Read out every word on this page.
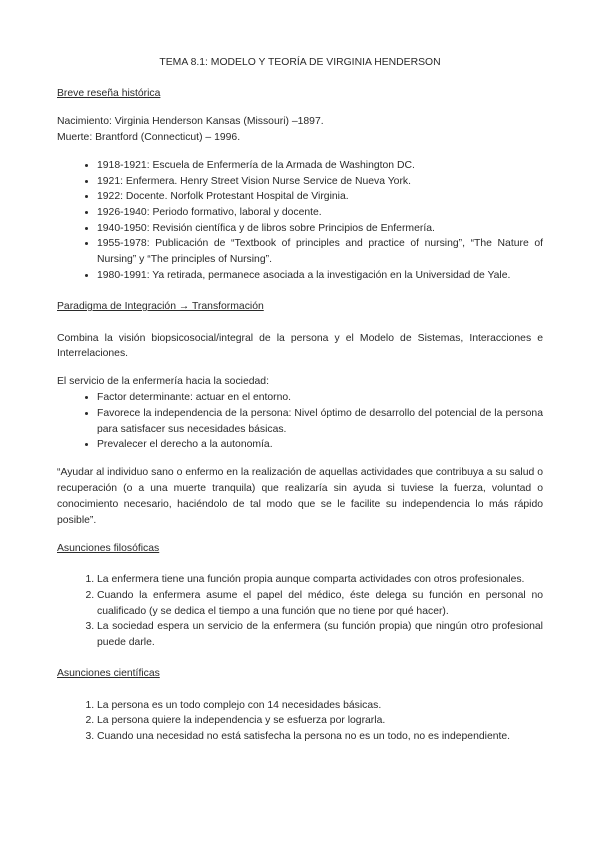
TEMA 8.1: MODELO Y TEORÍA DE VIRGINIA HENDERSON

Breve reseña histórica

Nacimiento: Virginia Henderson Kansas (Missouri) –1897.

Muerte: Brantford (Connecticut) – 1996.

• 1918-1921: Escuela de Enfermería de la Armada de Washington DC.
• 1921: Enfermera. Henry Street Vision Nurse Service de Nueva York.
• 1922: Docente. Norfolk Protestant Hospital de Virginia.
• 1926-1940: Periodo formativo, laboral y docente.
• 1940-1950: Revisión científica y de libros sobre Principios de Enfermería.
• 1955-1978: Publicación de “Textbook of principles and practice of nursing”, “The Nature of Nursing” y “The principles of Nursing”.
• 1980-1991: Ya retirada, permanece asociada a la investigación en la Universidad de Yale.

Paradigma de Integración → Transformación

Combina la visión biopsicosocial/integral de la persona y el Modelo de Sistemas, Interacciones e Interrelaciones.

El servicio de la enfermería hacia la sociedad:

• Factor determinante: actuar en el entorno.
• Favorece la independencia de la persona: Nivel óptimo de desarrollo del potencial de la persona para satisfacer sus necesidades básicas.
• Prevalecer el derecho a la autonomía.

“Ayudar al individuo sano o enfermo en la realización de aquellas actividades que contribuya a su salud o recuperación (o a una muerte tranquila) que realizaría sin ayuda si tuviese la fuerza, voluntad o conocimiento necesario, haciéndolo de tal modo que se le facilite su independencia lo más rápido posible”.

Asunciones filosóficas

1. La enfermera tiene una función propia aunque comparta actividades con otros profesionales.
2. Cuando la enfermera asume el papel del médico, éste delega su función en personal no cualificado (y se dedica el tiempo a una función que no tiene por qué hacer).
3. La sociedad espera un servicio de la enfermera (su función propia) que ningún otro profesional puede darle.

Asunciones científicas

1. La persona es un todo complejo con 14 necesidades básicas.
2. La persona quiere la independencia y se esfuerza por lograrla.
3. Cuando una necesidad no está satisfecha la persona no es un todo, no es independiente.
